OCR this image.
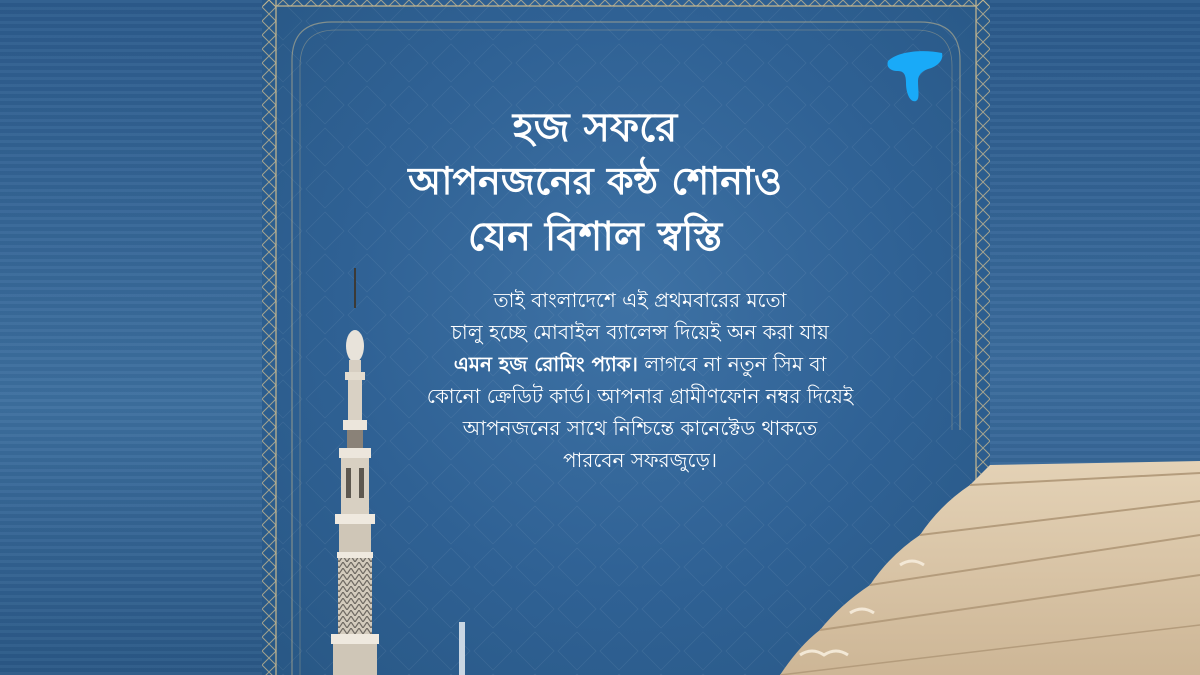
হজ সফরে
আপনজনের কন্ঠ শোনাও
যেন বিশাল স্বস্তি
তাই বাংলাদেশে এই প্রথমবারের মতো
চালু হচ্ছে মোবাইল ব্যালেন্স দিয়েই অন করা যায়
এমন হজ রোমিং প্যাক। লাগবে না নতুন সিম বা
কোনো ক্রেডিট কার্ড। আপনার গ্রামীণফোন নম্বর দিয়েই
আপনজনের সাথে নিশ্চিন্তে কানেক্টেড থাকতে
পারবেন সফরজুড়ে।
